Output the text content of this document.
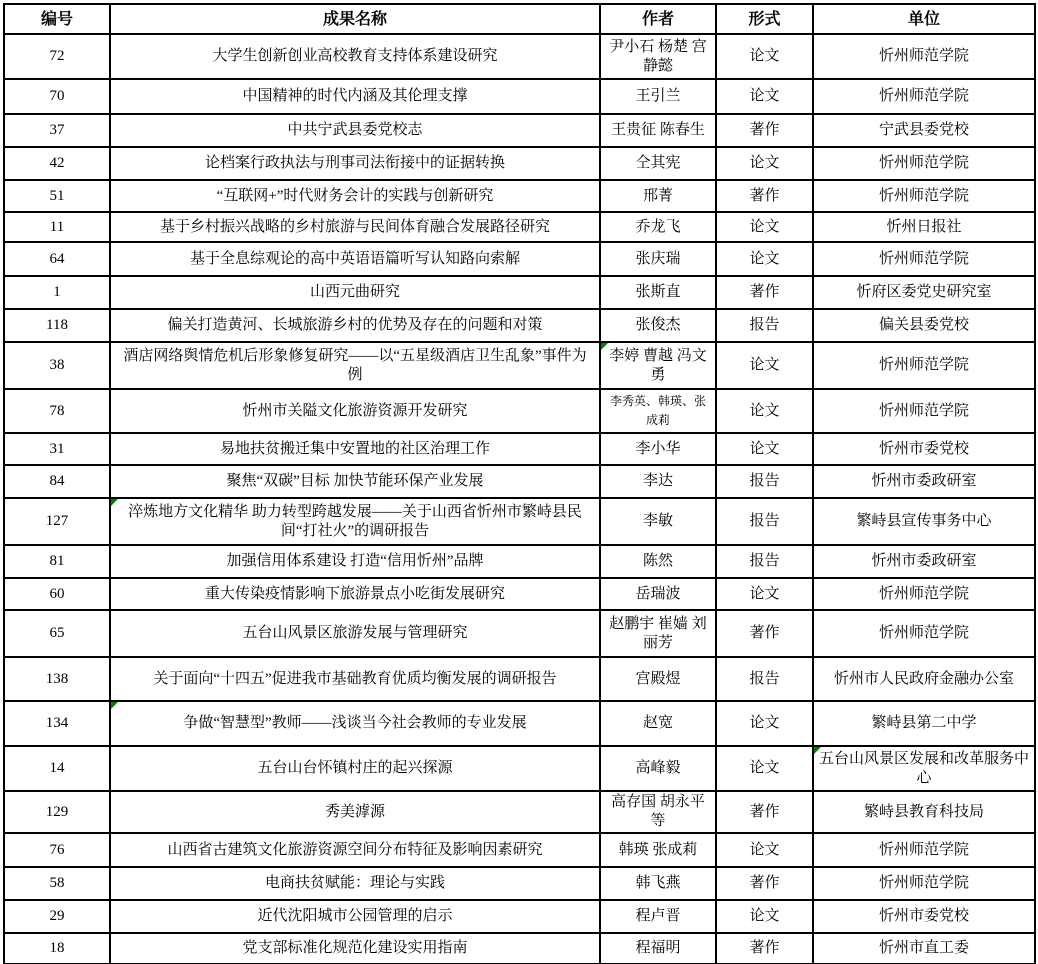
编号	成果名称	作者	形式	单位
72	大学生创新创业高校教育支持体系建设研究	尹小石 杨楚 宫静懿	论文	忻州师范学院
70	中国精神的时代内涵及其伦理支撑	王引兰	论文	忻州师范学院
37	中共宁武县委党校志	王贵征 陈春生	著作	宁武县委党校
42	论档案行政执法与刑事司法衔接中的证据转换	仝其宪	论文	忻州师范学院
51	“互联网+”时代财务会计的实践与创新研究	邢菁	著作	忻州师范学院
11	基于乡村振兴战略的乡村旅游与民间体育融合发展路径研究	乔龙飞	论文	忻州日报社
64	基于全息综观论的高中英语语篇听写认知路向索解	张庆瑞	论文	忻州师范学院
1	山西元曲研究	张斯直	著作	忻府区委党史研究室
118	偏关打造黄河、长城旅游乡村的优势及存在的问题和对策	张俊杰	报告	偏关县委党校
38	酒店网络舆情危机后形象修复研究——以“五星级酒店卫生乱象”事件为例	李婷 曹越 冯文勇	论文	忻州师范学院
78	忻州市关隘文化旅游资源开发研究	李秀英、韩瑛、张成莉	论文	忻州师范学院
31	易地扶贫搬迁集中安置地的社区治理工作	李小华	论文	忻州市委党校
84	聚焦“双碳”目标 加快节能环保产业发展	李达	报告	忻州市委政研室
127	淬炼地方文化精华 助力转型跨越发展——关于山西省忻州市繁峙县民间“打社火”的调研报告	李敏	报告	繁峙县宣传事务中心
81	加强信用体系建设 打造“信用忻州”品牌	陈然	报告	忻州市委政研室
60	重大传染疫情影响下旅游景点小吃街发展研究	岳瑞波	论文	忻州师范学院
65	五台山风景区旅游发展与管理研究	赵鹏宇 崔嫱 刘丽芳	著作	忻州师范学院
138	关于面向“十四五”促进我市基础教育优质均衡发展的调研报告	宫殿煜	报告	忻州市人民政府金融办公室
134	争做“智慧型”教师——浅谈当今社会教师的专业发展	赵宽	论文	繁峙县第二中学
14	五台山台怀镇村庄的起兴探源	高峰毅	论文	五台山风景区发展和改革服务中心

129	秀美滹源	高存国 胡永平 等	著作	繁峙县教育科技局
76	山西省古建筑文化旅游资源空间分布特征及影响因素研究	韩瑛 张成莉	论文	忻州师范学院
58	电商扶贫赋能：理论与实践	韩飞燕	著作	忻州师范学院
29	近代沈阳城市公园管理的启示	程卢晋	论文	忻州市委党校
18	党支部标准化规范化建设实用指南	程福明	著作	忻州市直工委
